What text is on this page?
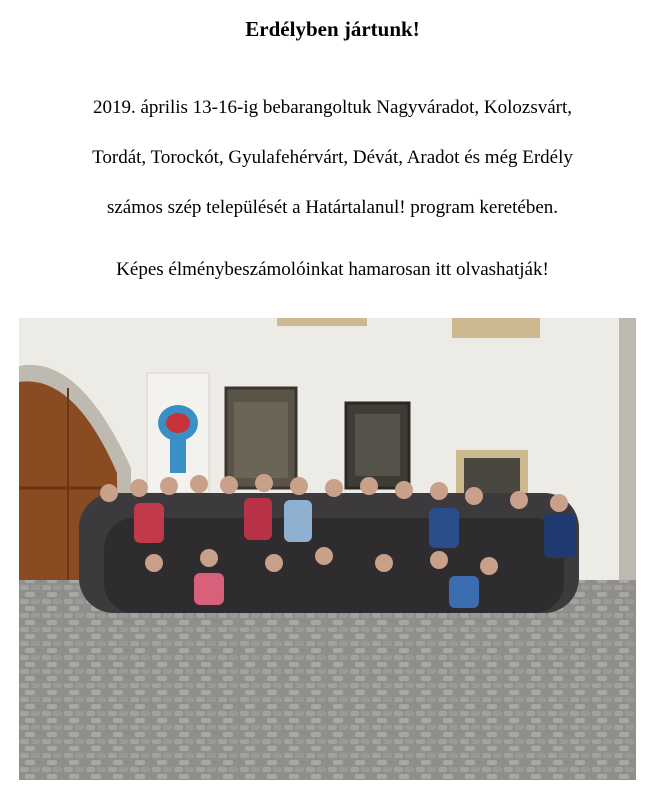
Erdélyben jártunk!
2019. április 13-16-ig bebarangoltuk Nagyváradot, Kolozsvárt,
Tordát, Torockót, Gyulafehérvárt, Dévát, Aradot és még Erdély
számos szép települését a Határtalanul! program keretében.
Képes élménybeszámolóinkat hamarosan itt olvashatják!
